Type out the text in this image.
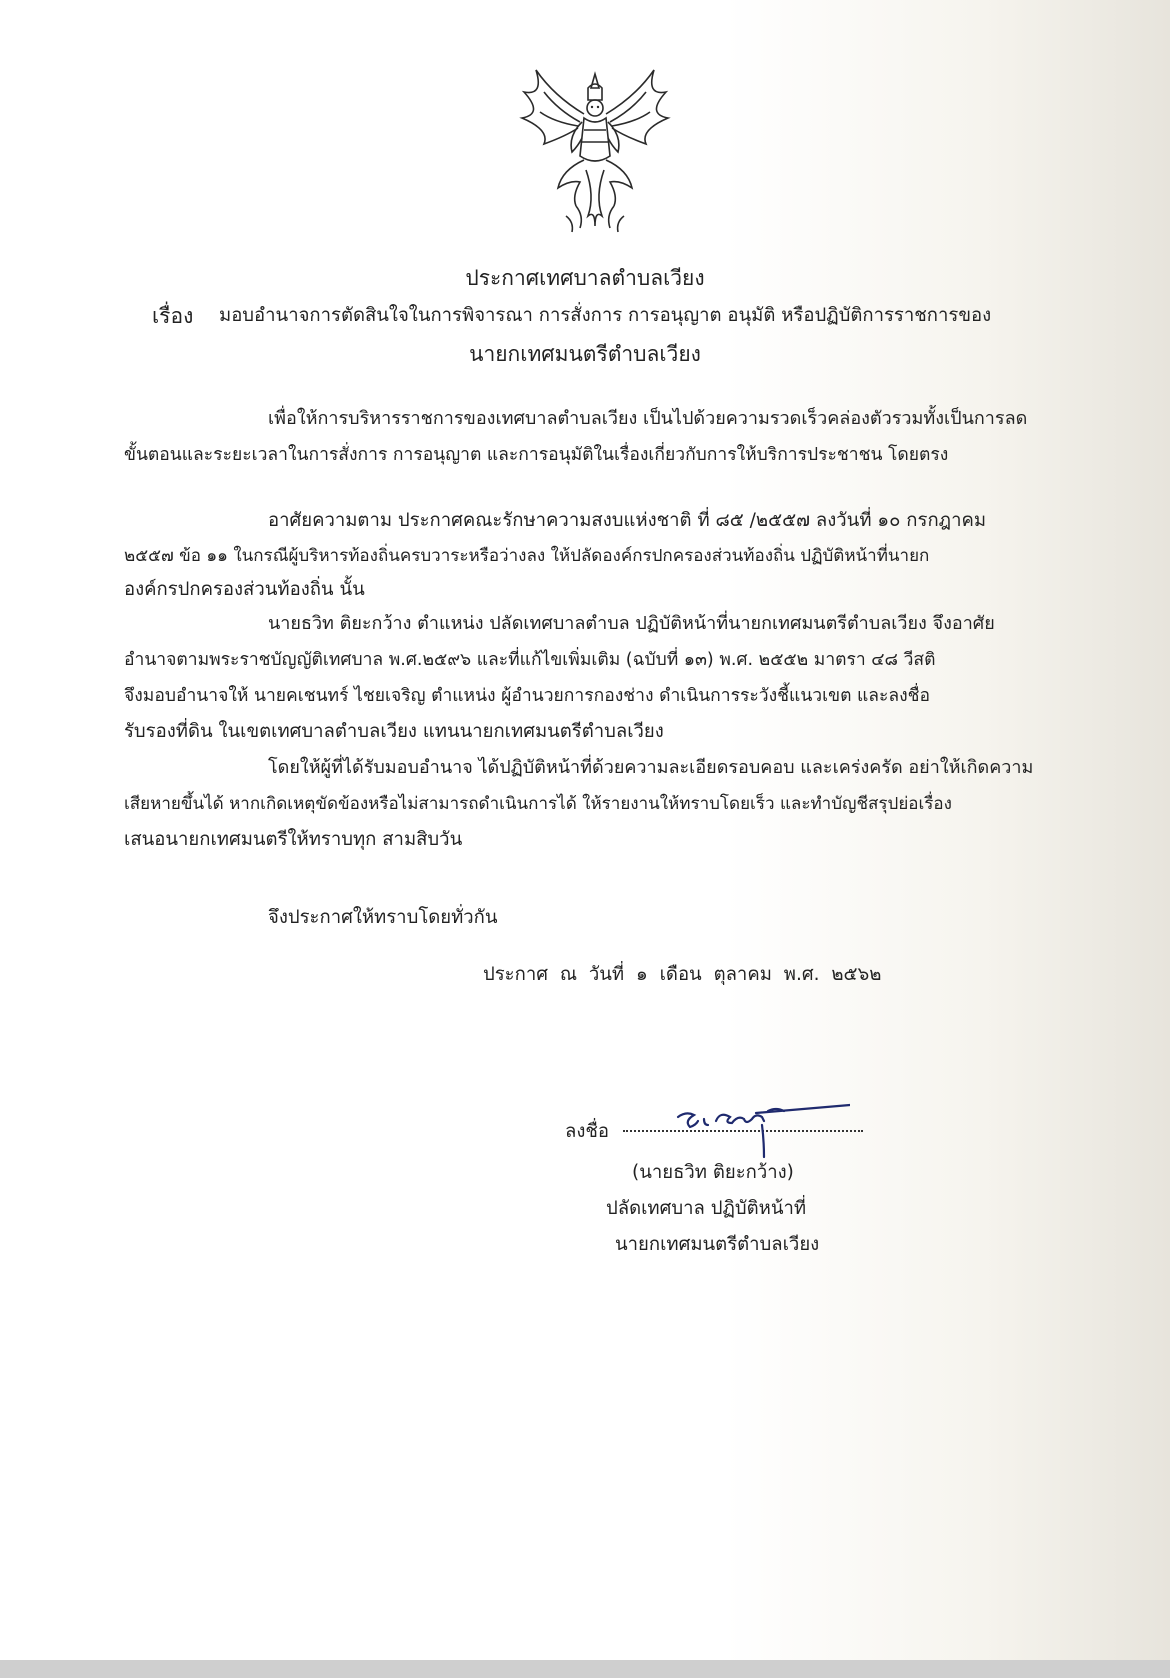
ประกาศเทศบาลตำบลเวียง
เรื่อง มอบอำนาจการตัดสินใจในการพิจารณา การสั่งการ การอนุญาต อนุมัติ หรือปฏิบัติการราชการของ
นายกเทศมนตรีตำบลเวียง
เพื่อให้การบริหารราชการของเทศบาลตำบลเวียง เป็นไปด้วยความรวดเร็วคล่องตัวรวมทั้งเป็นการลด
ขั้นตอนและระยะเวลาในการสั่งการ การอนุญาต และการอนุมัติในเรื่องเกี่ยวกับการให้บริการประชาชน โดยตรง
อาศัยความตาม ประกาศคณะรักษาความสงบแห่งชาติ ที่ ๘๕ /๒๕๕๗ ลงวันที่ ๑๐ กรกฎาคม
๒๕๕๗ ข้อ ๑๑ ในกรณีผู้บริหารท้องถิ่นครบวาระหรือว่างลง ให้ปลัดองค์กรปกครองส่วนท้องถิ่น ปฏิบัติหน้าที่นายก
องค์กรปกครองส่วนท้องถิ่น นั้น
นายธวิท ติยะกว้าง ตำแหน่ง ปลัดเทศบาลตำบล ปฏิบัติหน้าที่นายกเทศมนตรีตำบลเวียง จึงอาศัย
อำนาจตามพระราชบัญญัติเทศบาล พ.ศ.๒๕๙๖ และที่แก้ไขเพิ่มเติม (ฉบับที่ ๑๓) พ.ศ. ๒๕๕๒ มาตรา ๔๘ วีสติ
จึงมอบอำนาจให้ นายคเชนทร์ ไชยเจริญ ตำแหน่ง ผู้อำนวยการกองช่าง ดำเนินการระวังชี้แนวเขต และลงชื่อ
รับรองที่ดิน ในเขตเทศบาลตำบลเวียง แทนนายกเทศมนตรีตำบลเวียง
โดยให้ผู้ที่ได้รับมอบอำนาจ ได้ปฏิบัติหน้าที่ด้วยความละเอียดรอบคอบ และเคร่งครัด อย่าให้เกิดความ
เสียหายขึ้นได้ หากเกิดเหตุขัดข้องหรือไม่สามารถดำเนินการได้ ให้รายงานให้ทราบโดยเร็ว และทำบัญชีสรุปย่อเรื่อง
เสนอนายกเทศมนตรีให้ทราบทุก สามสิบวัน
จึงประกาศให้ทราบโดยทั่วกัน
ประกาศ ณ วันที่ ๑ เดือน ตุลาคม พ.ศ. ๒๕๖๒
ลงชื่อ
(นายธวิท ติยะกว้าง)
ปลัดเทศบาล ปฏิบัติหน้าที่
นายกเทศมนตรีตำบลเวียง
